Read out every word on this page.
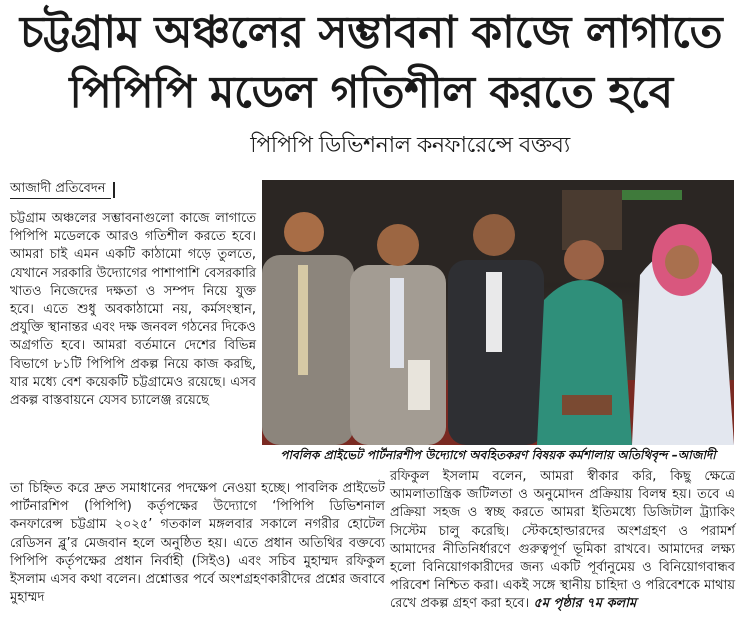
চট্টগ্রাম অঞ্চলের সম্ভাবনা কাজে লাগাতে
পিপিপি মডেল গতিশীল করতে হবে
পিপিপি ডিভিশনাল কনফারেন্সে বক্তব্য
আজাদী প্রতিবেদন

চট্টগ্রাম অঞ্চলের সম্ভাবনাগুলো কাজে লাগাতে পিপিপি মডেলকে আরও গতিশীল করতে হবে। আমরা চাই এমন একটি কাঠামো গড়ে তুলতে, যেখানে সরকারি উদ্যোগের পাশাপাশি বেসরকারি খাতও নিজেদের দক্ষতা ও সম্পদ নিয়ে যুক্ত হবে। এতে শুধু অবকাঠামো নয়, কর্মসংস্থান, প্রযুক্তি স্থানান্তর এবং দক্ষ জনবল গঠনের দিকেও অগ্রগতি হবে। আমরা বর্তমানে দেশের বিভিন্ন বিভাগে ৮১টি পিপিপি প্রকল্প নিয়ে কাজ করছি, যার মধ্যে বেশ কয়েকটি চট্টগ্রামেও রয়েছে। এসব প্রকল্প বাস্তবায়নে যেসব চ্যালেঞ্জ রয়েছে

পাবলিক প্রাইভেট পার্টনারশীপ উদ্যোগে অবহিতকরণ বিষয়ক কর্মশালায় অতিথিবৃন্দ –আজাদী

তা চিহ্নিত করে দ্রুত সমাধানের পদক্ষেপ নেওয়া হচ্ছে। পাবলিক প্রাইভেট পার্টনারশিপ (পিপিপি) কর্তৃপক্ষের উদ্যোগে ‘পিপিপি ডিভিশনাল কনফারেন্স চট্টগ্রাম ২০২৫’ গতকাল মঙ্গলবার সকালে নগরীর হোটেল রেডিসন ব্লু’র মেজবান হলে অনুষ্ঠিত হয়। এতে প্রধান অতিথির বক্তব্যে পিপিপি কর্তৃপক্ষের প্রধান নির্বাহী (সিইও) এবং সচিব মুহাম্মদ রফিকুল ইসলাম এসব কথা বলেন। প্রশ্নোত্তর পর্বে অংশগ্রহণকারীদের প্রশ্নের জবাবে মুহাম্মদ

রফিকুল ইসলাম বলেন, আমরা স্বীকার করি, কিছু ক্ষেত্রে আমলাতান্ত্রিক জটিলতা ও অনুমোদন প্রক্রিয়ায় বিলম্ব হয়। তবে এ প্রক্রিয়া সহজ ও স্বচ্ছ করতে আমরা ইতিমধ্যে ডিজিটাল ট্র্যাকিং সিস্টেম চালু করেছি। স্টেকহোল্ডারদের অংশগ্রহণ ও পরামর্শ আমাদের নীতিনির্ধারণে গুরুত্বপূর্ণ ভূমিকা রাখবে। আমাদের লক্ষ্য হলো বিনিয়োগকারীদের জন্য একটি পূর্বানুমেয় ও বিনিয়োগবান্ধব পরিবেশ নিশ্চিত করা। একই সঙ্গে স্থানীয় চাহিদা ও পরিবেশকে মাথায় রেখে প্রকল্প গ্রহণ করা হবে। ৫ম পৃষ্ঠার ৭ম কলাম
